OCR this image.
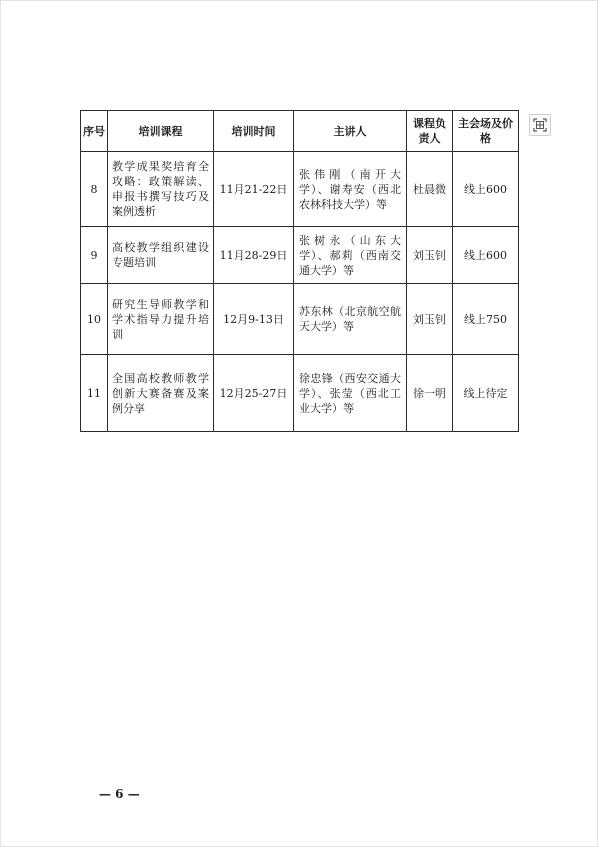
序号	培训课程	培训时间	主讲人	课程负责人	主会场及价格
8	教学成果奖培育全攻略：政策解读、申报书撰写技巧及案例透析	11月21-22日	张伟刚（南开大学）、谢寿安（西北农林科技大学）等	杜晨微	线上600
9	高校教学组织建设专题培训	11月28-29日	张树永（山东大学）、郝莉（西南交通大学）等	刘玉钊	线上600
10	研究生导师教学和学术指导力提升培训	12月9-13日	苏东林（北京航空航天大学）等	刘玉钊	线上750
11	全国高校教师教学创新大赛备赛及案例分享	12月25-27日	徐忠锋（西安交通大学）、张莹（西北工业大学）等	徐一明	线上待定
— 6 —
